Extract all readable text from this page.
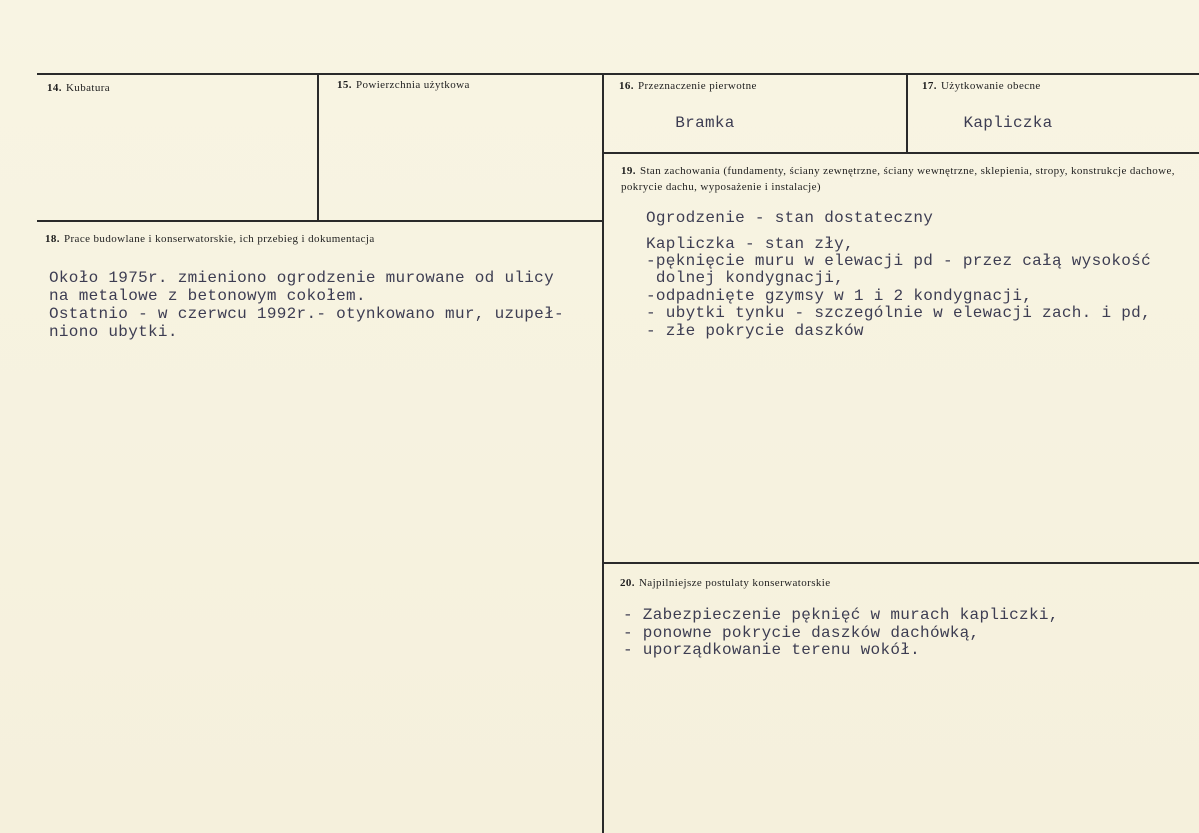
14. Kubatura	15. Powierzchnia użytkowa	16. Przeznaczenie pierwotne
Bramka
17. Użytkowanie obecne
Kapliczka
18. Prace budowlane i konserwatorskie, ich przebieg i dokumentacja
Około 1975r. zmieniono ogrodzenie murowane od ulicy
na metalowe z betonowym cokołem.
Ostatnio - w czerwcu 1992r.- otynkowano mur, uzupeł-
niono ubytki.
19. Stan zachowania (fundamenty, ściany zewnętrzne, ściany wewnętrzne, sklepienia, stropy, konstrukcje dachowe, pokrycie dachu, wyposażenie i instalacje)
Ogrodzenie - stan dostateczny
Kapliczka - stan zły,
-pęknięcie muru w elewacji pd - przez całą wysokość
dolnej kondygnacji,
-odpadnięte gzymsy w 1 i 2 kondygnacji,
- ubytki tynku - szczególnie w elewacji zach. i pd,
- złe pokrycie daszków
20. Najpilniejsze postulaty konserwatorskie
- Zabezpieczenie pęknięć w murach kapliczki,
- ponowne pokrycie daszków dachówką,
- uporządkowanie terenu wokół.
